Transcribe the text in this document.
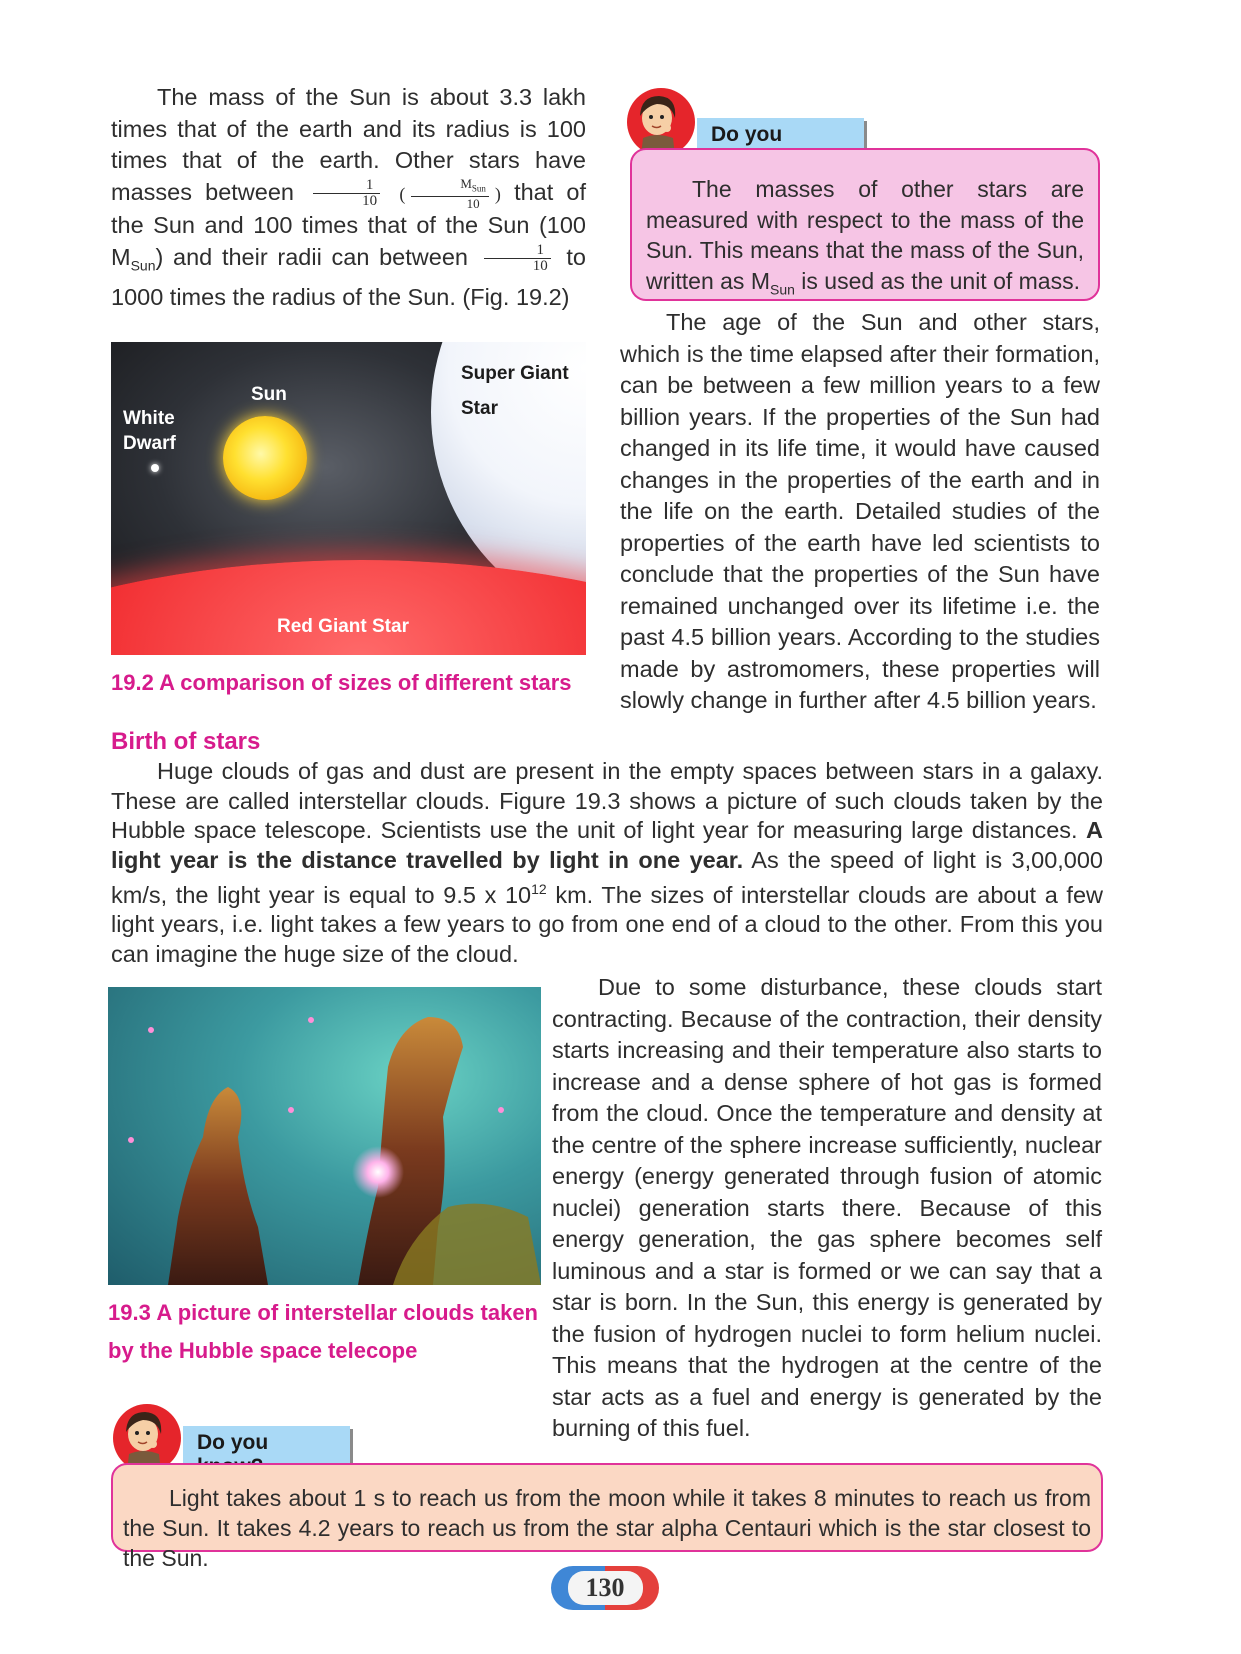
The mass of the Sun is about 3.3 lakh times that of the earth and its radius is 100 times that of the earth. Other stars have masses between $\frac{1}{10}$ ( $\frac{M_{Sun}}{10}$ ) that of the Sun and 100 times that of the Sun (100 $M_{Sun}$) and their radii can between $\frac{1}{10}$ to 1000 times the radius of the Sun. (Fig. 19.2)

White
Dwarf
Sun
Super Giant
Star
Red Giant Star

19.2 A comparison of sizes of different stars

Do you

The masses of other stars are measured with respect to the mass of the Sun. This means that the mass of the Sun, written as $M_{Sun}$ is used as the unit of mass.

The age of the Sun and other stars, which is the time elapsed after their formation, can be between a few million years to a few billion years. If the properties of the Sun had changed in its life time, it would have caused changes in the properties of the earth and in the life on the earth. Detailed studies of the properties of the earth have led scientists to conclude that the properties of the Sun have remained unchanged over its lifetime i.e. the past 4.5 billion years. According to the studies made by astromomers, these properties will slowly change in further after 4.5 billion years.

Birth of stars

Huge clouds of gas and dust are present in the empty spaces between stars in a galaxy. These are called interstellar clouds. Figure 19.3 shows a picture of such clouds taken by the Hubble space telescope. Scientists use the unit of light year for measuring large distances. A light year is the distance travelled by light in one year. As the speed of light is 3,00,000 km/s, the light year is equal to 9.5 x $10^{12}$ km. The sizes of interstellar clouds are about a few light years, i.e. light takes a few years to go from one end of a cloud to the other. From this you can imagine the huge size of the cloud.

19.3 A picture of interstellar clouds taken by the Hubble space telecope

Due to some disturbance, these clouds start contracting. Because of the contraction, their density starts increasing and their temperature also starts to increase and a dense sphere of hot gas is formed from the cloud. Once the temperature and density at the centre of the sphere increase sufficiently, nuclear energy (energy generated through fusion of atomic nuclei) generation starts there. Because of this energy generation, the gas sphere becomes self luminous and a star is formed or we can say that a star is born. In the Sun, this energy is generated by the fusion of hydrogen nuclei to form helium nuclei. This means that the hydrogen at the centre of the star acts as a fuel and energy is generated by the burning of this fuel.

Do you

Light takes about 1 s to reach us from the moon while it takes 8 minutes to reach us from the Sun. It takes 4.2 years to reach us from the star alpha Centauri which is the star closest to the Sun.

130
